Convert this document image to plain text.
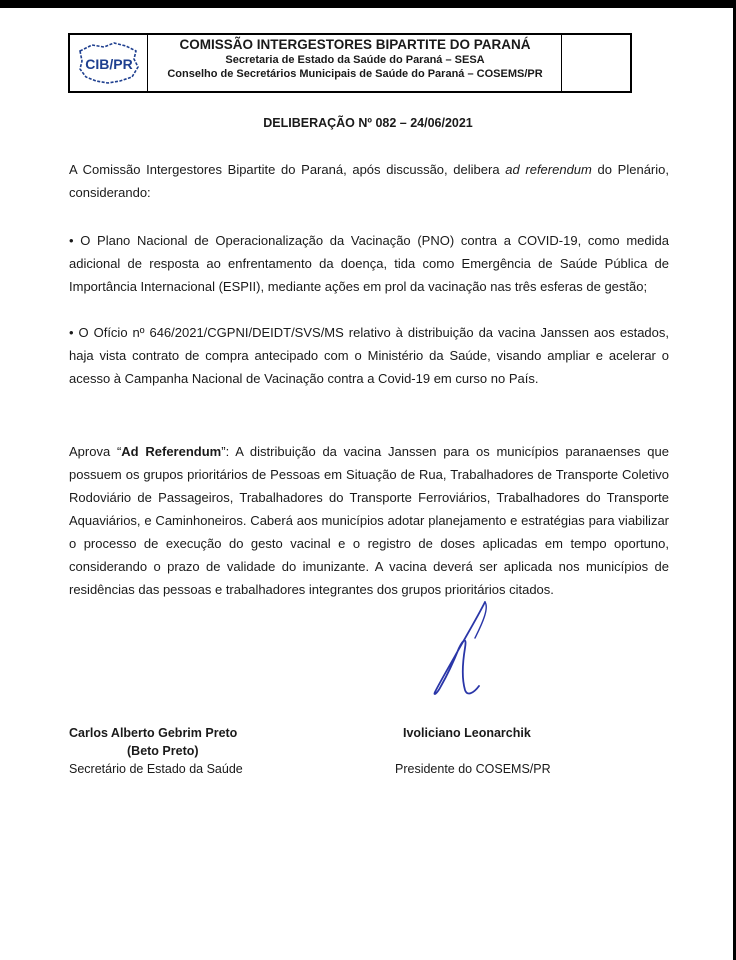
CIB/PR
COMISSÃO INTERGESTORES BIPARTITE DO PARANÁ
Secretaria de Estado da Saúde do Paraná – SESA
Conselho de Secretários Municipais de Saúde do Paraná – COSEMS/PR
DELIBERAÇÃO Nº 082 – 24/06/2021
A Comissão Intergestores Bipartite do Paraná, após discussão, delibera ad referendum do Plenário, considerando:
• O Plano Nacional de Operacionalização da Vacinação (PNO) contra a COVID-19, como medida adicional de resposta ao enfrentamento da doença, tida como Emergência de Saúde Pública de Importância Internacional (ESPII), mediante ações em prol da vacinação nas três esferas de gestão;
• O Ofício nº 646/2021/CGPNI/DEIDT/SVS/MS relativo à distribuição da vacina Janssen aos estados, haja vista contrato de compra antecipado com o Ministério da Saúde, visando ampliar e acelerar o acesso à Campanha Nacional de Vacinação contra a Covid-19 em curso no País.
Aprova “Ad Referendum”: A distribuição da vacina Janssen para os municípios paranaenses que possuem os grupos prioritários de Pessoas em Situação de Rua, Trabalhadores de Transporte Coletivo Rodoviário de Passageiros, Trabalhadores do Transporte Ferroviários, Trabalhadores do Transporte Aquaviários, e Caminhoneiros. Caberá aos municípios adotar planejamento e estratégias para viabilizar o processo de execução do gesto vacinal e o registro de doses aplicadas em tempo oportuno, considerando o prazo de validade do imunizante. A vacina deverá ser aplicada nos municípios de residências das pessoas e trabalhadores integrantes dos grupos prioritários citados.
Carlos Alberto Gebrim Preto
(Beto Preto)
Secretário de Estado da Saúde
Ivoliciano Leonarchik
Presidente do COSEMS/PR
